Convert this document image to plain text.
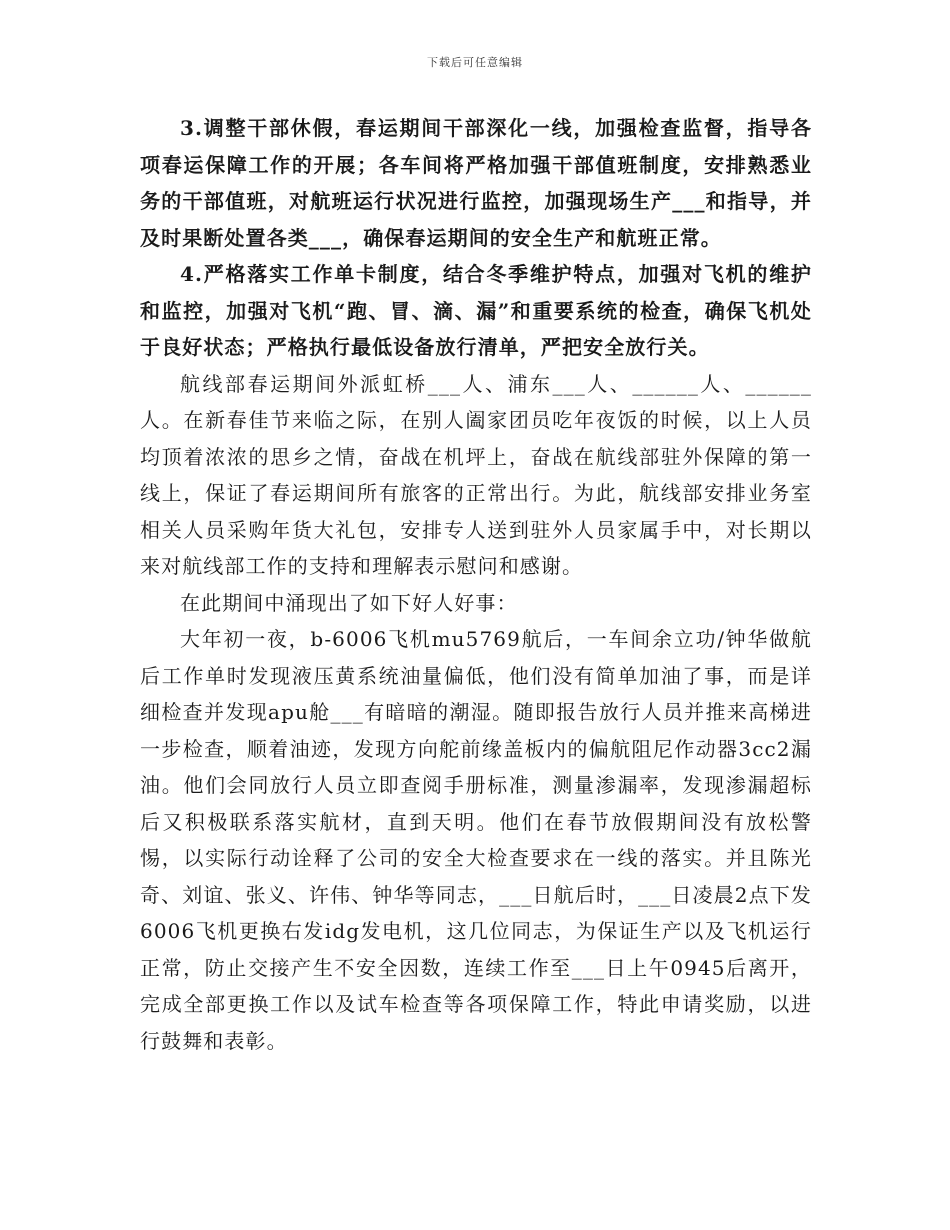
下载后可任意编辑

3.调整干部休假，春运期间干部深化一线，加强检查监督，指导各项春运保障工作的开展；各车间将严格加强干部值班制度，安排熟悉业务的干部值班，对航班运行状况进行监控，加强现场生产___和指导，并及时果断处置各类___，确保春运期间的安全生产和航班正常。

4.严格落实工作单卡制度，结合冬季维护特点，加强对飞机的维护和监控，加强对飞机“跑、冒、滴、漏”和重要系统的检查，确保飞机处于良好状态；严格执行最低设备放行清单，严把安全放行关。

航线部春运期间外派虹桥___人、浦东___人、______人、______人。在新春佳节来临之际，在别人阖家团员吃年夜饭的时候，以上人员均顶着浓浓的思乡之情，奋战在机坪上，奋战在航线部驻外保障的第一线上，保证了春运期间所有旅客的正常出行。为此，航线部安排业务室相关人员采购年货大礼包，安排专人送到驻外人员家属手中，对长期以来对航线部工作的支持和理解表示慰问和感谢。

在此期间中涌现出了如下好人好事：

大年初一夜，b-6006飞机mu5769航后，一车间余立功/钟华做航后工作单时发现液压黄系统油量偏低，他们没有简单加油了事，而是详细检查并发现apu舱___有暗暗的潮湿。随即报告放行人员并推来高梯进一步检查，顺着油迹，发现方向舵前缘盖板内的偏航阻尼作动器3cc2漏油。他们会同放行人员立即查阅手册标准，测量渗漏率，发现渗漏超标后又积极联系落实航材，直到天明。他们在春节放假期间没有放松警惕，以实际行动诠释了公司的安全大检查要求在一线的落实。并且陈光奇、刘谊、张义、许伟、钟华等同志，___日航后时，___日凌晨2点下发6006飞机更换右发idg发电机，这几位同志，为保证生产以及飞机运行正常，防止交接产生不安全因数，连续工作至___日上午0945后离开，完成全部更换工作以及试车检查等各项保障工作，特此申请奖励，以进行鼓舞和表彰。
